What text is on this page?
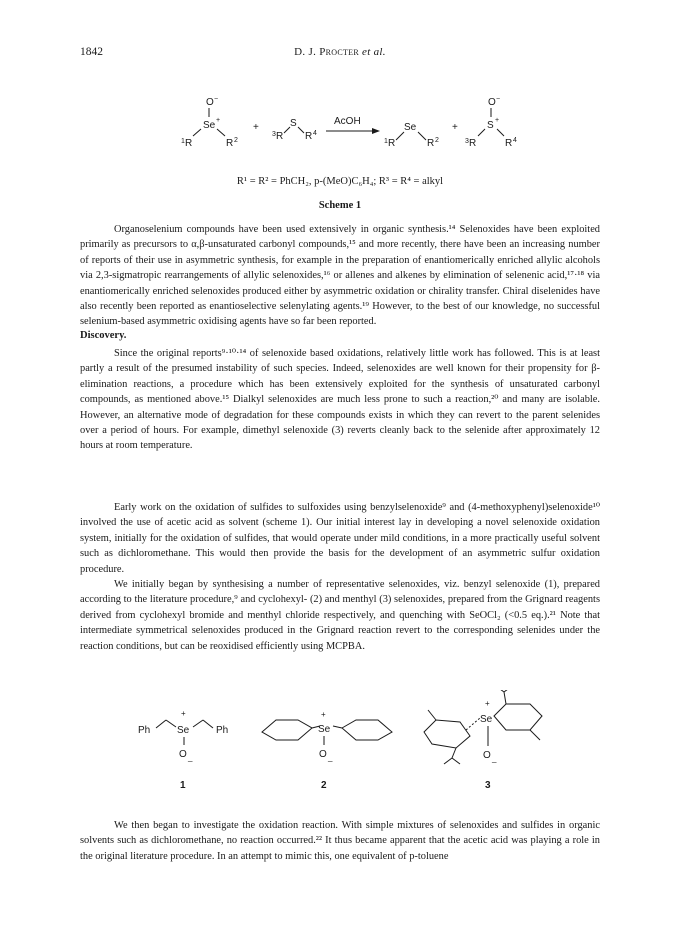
1842	D. J. Procter et al.
O −
Se +
1 R	R 2
+
3 R
S
R 4
AcOH
1 R
Se
R 2
+
O −
S +
3 R	R 4
R¹ = R² = PhCH₂, p-(MeO)C₆H₄; R³ = R⁴ = alkyl
Scheme 1

Organoselenium compounds have been used extensively in organic synthesis.¹⁴ Selenoxides have been exploited primarily as precursors to α,β-unsaturated carbonyl compounds,¹⁵ and more recently, there have been an increasing number of reports of their use in asymmetric synthesis, for example in the preparation of enantiomerically enriched allylic alcohols via 2,3-sigmatropic rearrangements of allylic selenoxides,¹⁶ or allenes and alkenes by elimination of selenenic acid,¹⁷·¹⁸ via enantiomerically enriched selenoxides produced either by asymmetric oxidation or chirality transfer. Chiral diselenides have also recently been reported as enantioselective selenylating agents.¹⁹ However, to the best of our knowledge, no successful selenium-based asymmetric oxidising agents have so far been reported.

Discovery.

Since the original reports⁹·¹⁰·¹⁴ of selenoxide based oxidations, relatively little work has followed. This is at least partly a result of the presumed instability of such species. Indeed, selenoxides are well known for their propensity for β-elimination reactions, a procedure which has been extensively exploited for the synthesis of unsaturated carbonyl compounds, as mentioned above.¹⁵ Dialkyl selenoxides are much less prone to such a reaction,²⁰ and many are isolable. However, an alternative mode of degradation for these compounds exists in which they can revert to the parent selenides over a period of hours. For example, dimethyl selenoxide (3) reverts cleanly back to the selenide after approximately 12 hours at room temperature.

Early work on the oxidation of sulfides to sulfoxides using benzylselenoxide⁹ and (4-methoxyphenyl)selenoxide¹⁰ involved the use of acetic acid as solvent (scheme 1). Our initial interest lay in developing a novel selenoxide oxidation system, initially for the oxidation of sulfides, that would operate under mild conditions, in a more practically useful solvent such as dichloromethane. This would then provide the basis for the development of an asymmetric sulfur oxidation procedure.

We initially began by synthesising a number of representative selenoxides, viz. benzyl selenoxide (1), prepared according to the literature procedure,⁹ and cyclohexyl- (2) and menthyl (3) selenoxides, prepared from the Grignard reagents derived from cyclohexyl bromide and menthyl chloride respectively, and quenching with SeOCl₂ (<0.5 eq.).²¹ Note that intermediate symmetrical selenoxides produced in the Grignard reaction revert to the corresponding selenides under the reaction conditions, but can be reoxidised efficiently using MCPBA.

Ph
+
Se	Ph
O _
1
+
Se
O _
2
+
Se
O _
3

We then began to investigate the oxidation reaction. With simple mixtures of selenoxides and sulfides in organic solvents such as dichloromethane, no reaction occurred.²² It thus became apparent that the acetic acid was playing a role in the original literature procedure. In an attempt to mimic this, one equivalent of p-toluene
